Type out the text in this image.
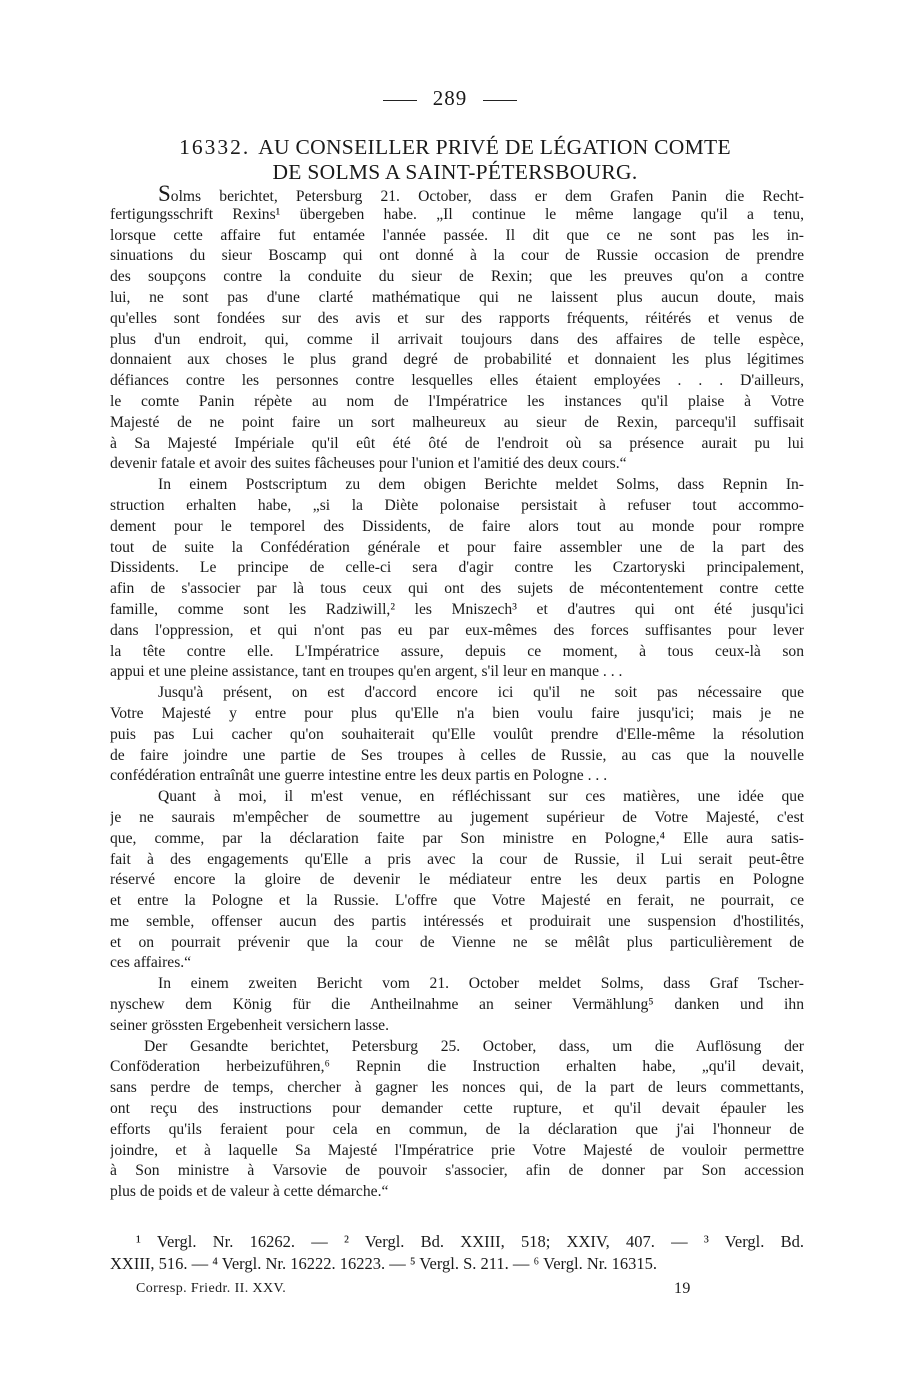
289
16332. AU CONSEILLER PRIVÉ DE LÉGATION COMTE
DE SOLMS A SAINT-PÉTERSBOURG.
Solms berichtet, Petersburg 21. October, dass er dem Grafen Panin die Recht-
fertigungsschrift Rexins¹ übergeben habe. „Il continue le même langage qu'il a tenu,
lorsque cette affaire fut entamée l'année passée. Il dit que ce ne sont pas les in-
sinuations du sieur Boscamp qui ont donné à la cour de Russie occasion de prendre
des soupçons contre la conduite du sieur de Rexin; que les preuves qu'on a contre
lui, ne sont pas d'une clarté mathématique qui ne laissent plus aucun doute, mais
qu'elles sont fondées sur des avis et sur des rapports fréquents, réitérés et venus de
plus d'un endroit, qui, comme il arrivait toujours dans des affaires de telle espèce,
donnaient aux choses le plus grand degré de probabilité et donnaient les plus légitimes
défiances contre les personnes contre lesquelles elles étaient employées . . . D'ailleurs,
le comte Panin répète au nom de l'Impératrice les instances qu'il plaise à Votre
Majesté de ne point faire un sort malheureux au sieur de Rexin, parcequ'il suffisait
à Sa Majesté Impériale qu'il eût été ôté de l'endroit où sa présence aurait pu lui
devenir fatale et avoir des suites fâcheuses pour l'union et l'amitié des deux cours.“
In einem Postscriptum zu dem obigen Berichte meldet Solms, dass Repnin In-
struction erhalten habe, „si la Diète polonaise persistait à refuser tout accommo-
dement pour le temporel des Dissidents, de faire alors tout au monde pour rompre
tout de suite la Confédération générale et pour faire assembler une de la part des
Dissidents. Le principe de celle-ci sera d'agir contre les Czartoryski principalement,
afin de s'associer par là tous ceux qui ont des sujets de mécontentement contre cette
famille, comme sont les Radziwill,² les Mniszech³ et d'autres qui ont été jusqu'ici
dans l'oppression, et qui n'ont pas eu par eux-mêmes des forces suffisantes pour lever
la tête contre elle. L'Impératrice assure, depuis ce moment, à tous ceux-là son
appui et une pleine assistance, tant en troupes qu'en argent, s'il leur en manque . . .
Jusqu'à présent, on est d'accord encore ici qu'il ne soit pas nécessaire que
Votre Majesté y entre pour plus qu'Elle n'a bien voulu faire jusqu'ici; mais je ne
puis pas Lui cacher qu'on souhaiterait qu'Elle voulût prendre d'Elle-même la résolution
de faire joindre une partie de Ses troupes à celles de Russie, au cas que la nouvelle
confédération entraînât une guerre intestine entre les deux partis en Pologne . . .
Quant à moi, il m'est venue, en réfléchissant sur ces matières, une idée que
je ne saurais m'empêcher de soumettre au jugement supérieur de Votre Majesté, c'est
que, comme, par la déclaration faite par Son ministre en Pologne,⁴ Elle aura satis-
fait à des engagements qu'Elle a pris avec la cour de Russie, il Lui serait peut-être
réservé encore la gloire de devenir le médiateur entre les deux partis en Pologne
et entre la Pologne et la Russie. L'offre que Votre Majesté en ferait, ne pourrait, ce
me semble, offenser aucun des partis intéressés et produirait une suspension d'hostilités,
et on pourrait prévenir que la cour de Vienne ne se mêlât plus particulièrement de
ces affaires.“
In einem zweiten Bericht vom 21. October meldet Solms, dass Graf Tscher-
nyschew dem König für die Antheilnahme an seiner Vermählung⁵ danken und ihn
seiner grössten Ergebenheit versichern lasse.
Der Gesandte berichtet, Petersburg 25. October, dass, um die Auflösung der
Conföderation herbeizuführen,⁶ Repnin die Instruction erhalten habe, „qu'il devait,
sans perdre de temps, chercher à gagner les nonces qui, de la part de leurs commettants,
ont reçu des instructions pour demander cette rupture, et qu'il devait épauler les
efforts qu'ils feraient pour cela en commun, de la déclaration que j'ai l'honneur de
joindre, et à laquelle Sa Majesté l'Impératrice prie Votre Majesté de vouloir permettre
à Son ministre à Varsovie de pouvoir s'associer, afin de donner par Son accession
plus de poids et de valeur à cette démarche.“
¹ Vergl. Nr. 16262. — ² Vergl. Bd. XXIII, 518; XXIV, 407. — ³ Vergl. Bd.
XXIII, 516. — ⁴ Vergl. Nr. 16222. 16223. — ⁵ Vergl. S. 211. — ⁶ Vergl. Nr. 16315.
Corresp. Friedr. II. XXV.	19
